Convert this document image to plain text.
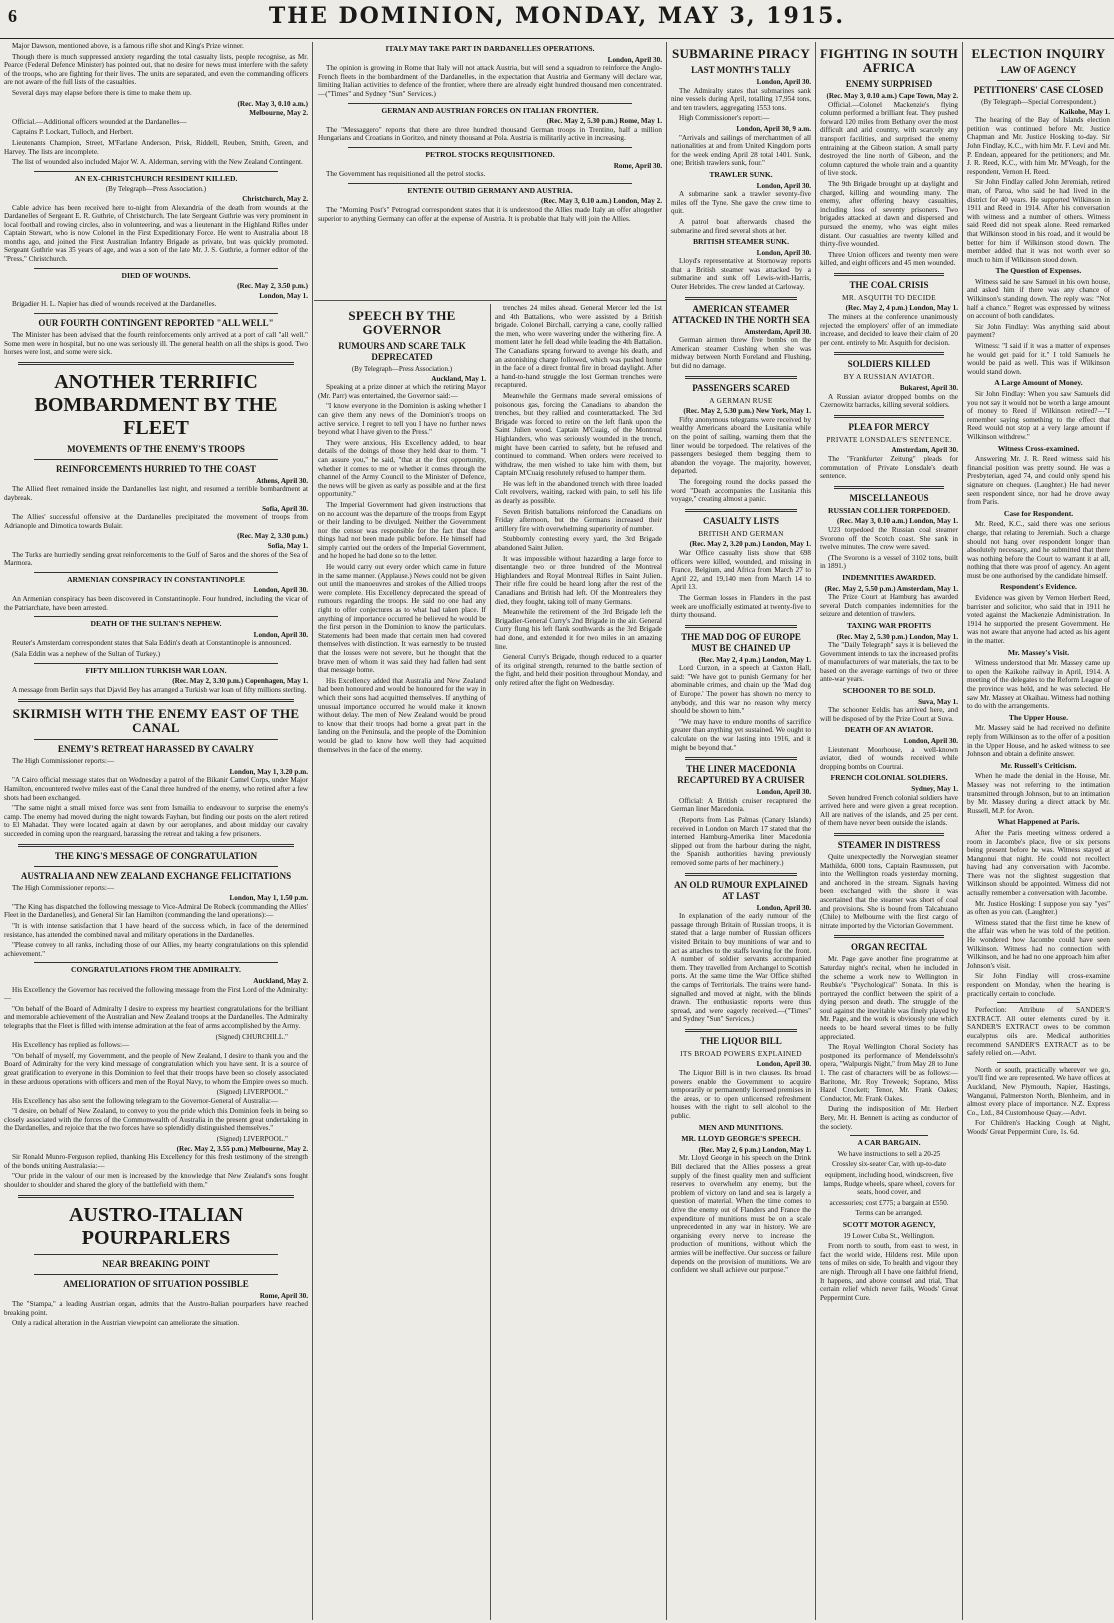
6	THE DOMINION, MONDAY, MAY 3, 1915.

Major Dawson, mentioned above, is a famous rifle shot and King's Prize winner.

Though there is much suppressed anxiety regarding the total casualty lists, people recognise, as Mr. Pearce (Federal Defence Minister) has pointed out, that no desire for news must interfere with the safety of the troops, who are fighting for their lives. The units are separated, and even the commanding officers are not aware of the full lists of the casualties.

Several days may elapse before there is time to make them up.

(Rec. May 3, 0.10 a.m.)
Melbourne, May 2.

Official.—Additional officers wounded at the Dardanelles—

Captains P. Lockart, Tulloch, and Herbert.

Lieutenants Champion, Street, M'Farlane Anderson, Prisk, Riddell, Reuben, Smith, Green, and Harvey. The lists are incomplete.

The list of wounded also included Major W. A. Alderman, serving with the New Zealand Contingent.

AN EX-CHRISTCHURCH RESIDENT KILLED.
(By Telegraph—Press Association.)
Christchurch, May 2.

Cable advice has been received here to-night from Alexandria of the death from wounds at the Dardanelles of Sergeant E. R. Guthrie, of Christchurch. The late Sergeant Guthrie was very prominent in local football and rowing circles, also in volunteering, and was a lieutenant in the Highland Rifles under Captain Stewart, who is now Colonel in the First Expeditionary Force. He went to Australia about 18 months ago, and joined the First Australian Infantry Brigade as private, but was quickly promoted. Sergeant Guthrie was 35 years of age, and was a son of the late Mr. J. S. Guthrie, a former editor of the "Press," Christchurch.

DIED OF WOUNDS.
(Rec. May 2, 3.50 p.m.)
London, May 1.

Brigadier H. L. Napier has died of wounds received at the Dardanelles.

OUR FOURTH CONTINGENT REPORTED "ALL WELL"

The Minister has been advised that the fourth reinforcements only arrived at a port of call "all well." Some men were in hospital, but no one was seriously ill. The general health on all the ships is good. Two horses were lost, and some were sick.

ANOTHER TERRIFIC BOMBARDMENT BY THE FLEET
MOVEMENTS OF THE ENEMY'S TROOPS
REINFORCEMENTS HURRIED TO THE COAST
Athens, April 30.

The Allied fleet remained inside the Dardanelles last night, and resumed a terrible bombardment at daybreak.

Sofia, April 30.

The Allies' successful offensive at the Dardanelles precipitated the movement of troops from Adrianople and Dimotica towards Bulair.

(Rec. May 2, 3.30 p.m.)
Sofia, May 1.

The Turks are hurriedly sending great reinforcements to the Gulf of Saros and the shores of the Sea of Marmora.

ARMENIAN CONSPIRACY IN CONSTANTINOPLE
London, April 30.

An Armenian conspiracy has been discovered in Constantinople. Four hundred, including the vicar of the Patriarchate, have been arrested.

DEATH OF THE SULTAN'S NEPHEW.
London, April 30.

Reuter's Amsterdam correspondent states that Sala Eddin's death at Constantinople is announced.

(Sala Eddin was a nephew of the Sultan of Turkey.)

FIFTY MILLION TURKISH WAR LOAN.
(Rec. May 2, 3.30 p.m.) Copenhagen, May 1.

A message from Berlin says that Djavid Bey has arranged a Turkish war loan of fifty millions sterling.

SKIRMISH WITH THE ENEMY EAST OF THE CANAL
ENEMY'S RETREAT HARASSED BY CAVALRY

The High Commissioner reports:—

London, May 1, 3.20 p.m.

"A Cairo official message states that on Wednesday a patrol of the Bikanir Camel Corps, under Major Hamilton, encountered twelve miles east of the Canal three hundred of the enemy, who retired after a few shots had been exchanged.

"The same night a small mixed force was sent from Ismailia to endeavour to surprise the enemy's camp. The enemy had moved during the night towards Fayhan, but finding our posts on the alert retired to El Mahadat. They were located again at dawn by our aeroplanes, and about midday our cavalry succeeded in coming upon the rearguard, harassing the retreat and taking a few prisoners.

THE KING'S MESSAGE OF CONGRATULATION
AUSTRALIA AND NEW ZEALAND EXCHANGE FELICITATIONS

The High Commissioner reports:—

London, May 1, 1.50 p.m.

"The King has dispatched the following message to Vice-Admiral De Robeck (commanding the Allies' Fleet in the Dardanelles), and General Sir Ian Hamilton (commanding the land operations):—

"It is with intense satisfaction that I have heard of the success which, in face of the determined resistance, has attended the combined naval and military operations in the Dardanelles.

"Please convey to all ranks, including those of our Allies, my hearty congratulations on this splendid achievement."

CONGRATULATIONS FROM THE ADMIRALTY.
Auckland, May 2.

His Excellency the Governor has received the following message from the First Lord of the Admiralty:—

"On behalf of the Board of Admiralty I desire to express my heartiest congratulations for the brilliant and memorable achievement of the Australian and New Zealand troops at the Dardanelles. The Admiralty telegraphs that the Fleet is filled with intense admiration at the feat of arms accomplished by the Army.

(Signed) CHURCHILL."

His Excellency has replied as follows:—

"On behalf of myself, my Government, and the people of New Zealand, I desire to thank you and the Board of Admiralty for the very kind message of congratulation which you have sent. It is a source of great gratification to everyone in this Dominion to feel that their troops have been so closely associated in these arduous operations with officers and men of the Royal Navy, to whom the Empire owes so much.

(Signed) LIVERPOOL."

His Excellency has also sent the following telegram to the Governor-General of Australia:—

"I desire, on behalf of New Zealand, to convey to you the pride which this Dominion feels in being so closely associated with the forces of the Commonwealth of Australia in the present great undertaking in the Dardanelles, and rejoice that the two forces have so splendidly distinguished themselves."

(Signed) LIVERPOOL."
(Rec. May 2, 3.55 p.m.) Melbourne, May 2.

Sir Ronald Munro-Ferguson replied, thanking His Excellency for this fresh testimony of the strength of the bonds uniting Australasia:—

"Our pride in the valour of our men is increased by the knowledge that New Zealand's sons fought shoulder to shoulder and shared the glory of the battlefield with them."

AUSTRO-ITALIAN POURPARLERS
NEAR BREAKING POINT
AMELIORATION OF SITUATION POSSIBLE
Rome, April 30.

The "Stampa," a leading Austrian organ, admits that the Austro-Italian pourparlers have reached breaking point.

Only a radical alteration in the Austrian viewpoint can ameliorate the situation.

ITALY MAY TAKE PART IN DARDANELLES OPERATIONS.
London, April 30.

The opinion is growing in Rome that Italy will not attack Austria, but will send a squadron to reinforce the Anglo-French fleets in the bombardment of the Dardanelles, in the expectation that Austria and Germany will declare war, limiting Italian activities to defence of the frontier, where there are already eight hundred thousand men concentrated.—("Times" and Sydney "Sun" Services.)

GERMAN AND AUSTRIAN FORCES ON ITALIAN FRONTIER.
(Rec. May 2, 5.30 p.m.) Rome, May 1.

The "Messaggero" reports that there are three hundred thousand German troops in Trentino, half a million Hungarians and Croatians in Goritzo, and ninety thousand at Pola. Austria is militarily active in increasing.

PETROL STOCKS REQUISITIONED.
Rome, April 30.

The Government has requisitioned all the petrol stocks.

ENTENTE OUTBID GERMANY AND AUSTRIA.
(Rec. May 3, 0.10 a.m.) London, May 2.

The "Morning Post's" Petrograd correspondent states that it is understood the Allies made Italy an offer altogether superior to anything Germany can offer at the expense of Austria. It is probable that Italy will join the Allies.

SPEECH BY THE GOVERNOR
RUMOURS AND SCARE TALK DEPRECATED
(By Telegraph—Press Association.)
Auckland, May 1.

Speaking at a prize dinner at which the retiring Mayor (Mr. Parr) was entertained, the Governor said:—

"I know everyone in the Dominion is asking whether I can give them any news of the Dominion's troops on active service. I regret to tell you I have no further news beyond what I have given to the Press."

They were anxious, His Excellency added, to hear details of the doings of those they held dear to them. "I can assure you," he said, "that at the first opportunity, whether it comes to me or whether it comes through the channel of the Army Council to the Minister of Defence, the news will be given as early as possible and at the first opportunity."

The Imperial Government had given instructions that on no account was the departure of the troops from Egypt or their landing to be divulged. Neither the Government nor the censor was responsible for the fact that these things had not been made public before. He himself had simply carried out the orders of the Imperial Government, and he hoped he had done so to the letter.

He would carry out every order which came in future in the same manner. (Applause.) News could not be given out until the manoeuvres and strokes of the Allied troops were complete. His Excellency deprecated the spread of rumours regarding the troops. He said no one had any right to offer conjectures as to what had taken place. If anything of importance occurred he believed he would be the first person in the Dominion to know the particulars. Statements had been made that certain men had covered themselves with distinction. It was earnestly to be trusted that the losses were not severe, but he thought that the brave men of whom it was said they had fallen had sent that message home.

His Excellency added that Australia and New Zealand had been honoured and would be honoured for the way in which their sons had acquitted themselves. If anything of unusual importance occurred he would make it known without delay. The men of New Zealand would be proud to know that their troops had borne a great part in the landing on the Peninsula, and the people of the Dominion would be glad to know how well they had acquitted themselves in the face of the enemy.

trenches 24 miles ahead. General Mercer led the 1st and 4th Battalions, who were assisted by a British brigade. Colonel Birchall, carrying a cane, coolly rallied the men, who were wavering under the withering fire. A moment later he fell dead while leading the 4th Battalion. The Canadians sprang forward to avenge his death, and an astonishing charge followed, which was pushed home in the face of a direct frontal fire in broad daylight. After a hand-to-hand struggle the lost German trenches were recaptured.

Meanwhile the Germans made several emissions of poisonous gas, forcing the Canadians to abandon the trenches, but they rallied and counterattacked. The 3rd Brigade was forced to retire on the left flank upon the Saint Julien wood. Captain M'Cuaig, of the Montreal Highlanders, who was seriously wounded in the trench, might have been carried to safety, but he refused and continued to command. When orders were received to withdraw, the men wished to take him with them, but Captain M'Cuaig resolutely refused to hamper them.

He was left in the abandoned trench with three loaded Colt revolvers, waiting, racked with pain, to sell his life as dearly as possible.

Seven British battalions reinforced the Canadians on Friday afternoon, but the Germans increased their artillery fire with overwhelming superiority of number.

Stubbornly contesting every yard, the 3rd Brigade abandoned Saint Julien.

It was impossible without hazarding a large force to disentangle two or three hundred of the Montreal Highlanders and Royal Montreal Rifles in Saint Julien. Their rifle fire could be heard long after the rest of the Canadians and British had left. Of the Montrealers they died, they fought, taking toll of many Germans.

Meanwhile the retirement of the 3rd Brigade left the Brigadier-General Curry's 2nd Brigade in the air. General Curry flung his left flank southwards as the 3rd Brigade had done, and extended it for two miles in an amazing line.

General Curry's Brigade, though reduced to a quarter of its original strength, returned to the battle section of the fight, and held their position throughout Monday, and only retired after the fight on Wednesday.

SUBMARINE PIRACY
LAST MONTH'S TALLY
London, April 30.

The Admiralty states that submarines sank nine vessels during April, totalling 17,954 tons, and ten trawlers, aggregating 1553 tons.

High Commissioner's report:—

London, April 30, 9 a.m.

"Arrivals and sailings of merchantmen of all nationalities at and from United Kingdom ports for the week ending April 28 total 1401. Sunk, one; British trawlers sunk, four."

TRAWLER SUNK.
London, April 30.

A submarine sank a trawler seventy-five miles off the Tyne. She gave the crew time to quit.

A patrol boat afterwards chased the submarine and fired several shots at her.

BRITISH STEAMER SUNK.
London, April 30.

Lloyd's representative at Stornoway reports that a British steamer was attacked by a submarine and sunk off Lewis-with-Harris, Outer Hebrides. The crew landed at Carloway.

AMERICAN STEAMER ATTACKED IN THE NORTH SEA
Amsterdam, April 30.

German airmen threw five bombs on the American steamer Cushing when she was midway between North Foreland and Flushing, but did no damage.

PASSENGERS SCARED
A GERMAN RUSE
(Rec. May 2, 5.30 p.m.) New York, May 1.

Fifty anonymous telegrams were received by wealthy Americans aboard the Lusitania while on the point of sailing, warning them that the liner would be torpedoed. The relatives of the passengers besieged them begging them to abandon the voyage. The majority, however, departed.

The foregoing round the docks passed the word "Death accompanies the Lusitania this voyage," creating almost a panic.

CASUALTY LISTS
BRITISH AND GERMAN
(Rec. May 2, 3.20 p.m.) London, May 1.

War Office casualty lists show that 698 officers were killed, wounded, and missing in France, Belgium, and Africa from March 27 to April 22, and 19,140 men from March 14 to April 13.

The German losses in Flanders in the past week are unofficially estimated at twenty-five to thirty thousand.

THE MAD DOG OF EUROPE MUST BE CHAINED UP
(Rec. May 2, 4 p.m.) London, May 1.

Lord Curzon, in a speech at Caxton Hall, said: "We have got to punish Germany for her abominable crimes, and chain up the 'Mad dog of Europe.' The power has shown no mercy to anybody, and this war no reason why mercy should be shown to him."

"We may have to endure months of sacrifice greater than anything yet sustained. We ought to calculate on the war lasting into 1916, and it might be beyond that."

THE LINER MACEDONIA RECAPTURED BY A CRUISER
London, April 30.

Official: A British cruiser recaptured the German liner Macedonia.

(Reports from Las Palmas (Canary Islands) received in London on March 17 stated that the interned Hamburg-Amerika liner Macedonia slipped out from the harbour during the night, the Spanish authorities having previously removed some parts of her machinery.)

AN OLD RUMOUR EXPLAINED AT LAST
London, April 30.

In explanation of the early rumour of the passage through Britain of Russian troops, it is stated that a large number of Russian officers visited Britain to buy munitions of war and to act as attaches to the staffs leaving for the front. A number of soldier servants accompanied them. They travelled from Archangel to Scottish ports. At the same time the War Office shifted the camps of Territorials. The trains were hand-signalled and moved at night, with the blinds drawn. The enthusiastic reports were thus spread, and were eagerly received.—("Times" and Sydney "Sun" Services.)

THE LIQUOR BILL
ITS BROAD POWERS EXPLAINED
London, April 30.

The Liquor Bill is in two clauses. Its broad powers enable the Government to acquire temporarily or permanently licensed premises in the areas, or to open unlicensed refreshment houses with the right to sell alcohol to the public.

MEN AND MUNITIONS.
MR. LLOYD GEORGE'S SPEECH.
(Rec. May 2, 6 p.m.) London, May 1.

Mr. Lloyd George in his speech on the Drink Bill declared that the Allies possess a great supply of the finest quality men and sufficient reserves to overwhelm any enemy, but the problem of victory on land and sea is largely a question of material. When the time comes to drive the enemy out of Flanders and France the expenditure of munitions must be on a scale unprecedented in any war in history. We are organising every nerve to increase the production of munitions, without which the armies will be ineffective. Our success or failure depends on the provision of munitions. We are confident we shall achieve our purpose."

FIGHTING IN SOUTH AFRICA
ENEMY SURPRISED
(Rec. May 3, 0.10 a.m.) Cape Town, May 2.

Official.—Colonel Mackenzie's flying column performed a brilliant feat. They pushed forward 120 miles from Bethany over the most difficult and arid country, with scarcely any transport facilities, and surprised the enemy entraining at the Gibeon station. A small party destroyed the line north of Gibeon, and the column captured the whole train and a quantity of live stock.

The 9th Brigade brought up at daylight and charged, killing and wounding many. The enemy, after offering heavy casualties, including loss of seventy prisoners. Two brigades attacked at dawn and dispersed and pursued the enemy, who was eight miles distant. Our casualties are twenty killed and thirty-five wounded.

Three Union officers and twenty men were killed, and eight officers and 45 men wounded.

THE COAL CRISIS
MR. ASQUITH TO DECIDE
(Rec. May 2, 4 p.m.) London, May 1.

The miners at the conference unanimously rejected the employers' offer of an immediate increase, and decided to leave their claim of 20 per cent. entirely to Mr. Asquith for decision.

SOLDIERS KILLED
BY A RUSSIAN AVIATOR.
Bukarest, April 30.

A Russian aviator dropped bombs on the Czernowitz barracks, killing several soldiers.

PLEA FOR MERCY
PRIVATE LONSDALE'S SENTENCE.
Amsterdam, April 30.

The "Frankfurter Zeitung" pleads for commutation of Private Lonsdale's death sentence.

MISCELLANEOUS
RUSSIAN COLLIER TORPEDOED.
(Rec. May 3, 0.10 a.m.) London, May 1.

U23 torpedoed the Russian coal steamer Svorono off the Scotch coast. She sank in twelve minutes. The crew were saved.

(The Svorono is a vessel of 3102 tons, built in 1891.)

INDEMNITIES AWARDED.
(Rec. May 2, 5.50 p.m.) Amsterdam, May 1.

The Prize Court at Hamburg has awarded several Dutch companies indemnities for the seizure and detention of trawlers.

TAXING WAR PROFITS
(Rec. May 2, 5.30 p.m.) London, May 1.

The "Daily Telegraph" says it is believed the Government intends to tax the increased profits of manufacturers of war materials, the tax to be based on the average earnings of two or three ante-war years.

SCHOONER TO BE SOLD.
Suva, May 1.

The schooner Eeldis has arrived here, and will be disposed of by the Prize Court at Suva.

DEATH OF AN AVIATOR.
London, April 30.

Lieutenant Moorhouse, a well-known aviator, died of wounds received while dropping bombs on Courtrai.

FRENCH COLONIAL SOLDIERS.
Sydney, May 1.

Seven hundred French colonial soldiers have arrived here and were given a great reception. All are natives of the islands, and 25 per cent. of them have never been outside the islands.

STEAMER IN DISTRESS

Quite unexpectedly the Norwegian steamer Mathilda, 6000 tons, Captain Rasmussen, put into the Wellington roads yesterday morning, and anchored in the stream. Signals having been exchanged with the shore it was ascertained that the steamer was short of coal and provisions. She is bound from Talcahuano (Chile) to Melbourne with the first cargo of nitrate imported by the Victorian Government.

ORGAN RECITAL

Mr. Page gave another fine programme at Saturday night's recital, when he included in the scheme a work new to Wellington in Reubke's "Psychological" Sonata. In this is portrayed the conflict between the spirit of a dying person and death. The struggle of the soul against the inevitable was finely played by Mr. Page, and the work is obviously one which needs to be heard several times to be fully appreciated.

The Royal Wellington Choral Society has postponed its performance of Mendelssohn's opera, "Walpurgis Night," from May 28 to June 1. The cast of characters will be as follows:—Baritone, Mr. Roy Treweek; Soprano, Miss Hazel Crockett; Tenor, Mr. Frank Oakes; Conductor, Mr. Frank Oakes.

During the indisposition of Mr. Herbert Bery, Mr. H. Bennett is acting as conductor of the society.

A CAR BARGAIN.
We have instructions to sell a 20-25
Crossley six-seater Car, with up-to-date
equipment, including hood, windscreen, five lamps, Rudge wheels, spare wheel, covers for seats, hood cover, and
accessories; cost £775; a bargain at £550.
Terms can be arranged.
SCOTT MOTOR AGENCY,
19 Lower Cuba St., Wellington.

From north to south, from east to west, in fact the world wide, Hildens rest. Mile upon tens of miles on side, To health and vigour they are nigh. Through all I have one faithful friend, It happens, and above counsel and trial, That certain relief which never fails, Woods' Great Peppermint Cure.

ELECTION INQUIRY
LAW OF AGENCY
PETITIONERS' CASE CLOSED
(By Telegraph—Special Correspondent.)
Kaikohe, May 1.

The hearing of the Bay of Islands election petition was continued before Mr. Justice Chapman and Mr. Justice Hosking to-day. Sir John Findlay, K.C., with him Mr. F. Levi and Mr. P. Endean, appeared for the petitioners; and Mr. J. R. Reed, K.C., with him Mr. M'Veagh, for the respondent, Vernon H. Reed.

Sir John Findlay called John Jeremiah, retired man, of Paroa, who said he had lived in the district for 40 years. He supported Wilkinson in 1911 and Reed in 1914. After his conversation with witness and a number of others. Witness said Reed did not speak alone. Reed remarked that Wilkinson stood in his road, and it would be better for him if Wilkinson stood down. The member added that it was not worth ever so much to him if Wilkinson stood down.

The Question of Expenses.

Witness said he saw Samuel in his own house, and asked him if there was any chance of Wilkinson's standing down. The reply was: "Not half a chance." Regret was expressed by witness on account of both candidates.

Sir John Findlay: Was anything said about payment?

Witness: "I said if it was a matter of expenses he would get paid for it." I told Samuels he would be paid as well. This was if Wilkinson would stand down.

A Large Amount of Money.

Sir John Findlay: When you saw Samuels did you not say it would not be worth a large amount of money to Reed if Wilkinson retired?—"I remember saying something to the effect that Reed would not stop at a very large amount if Wilkinson withdrew."

Witness Cross-examined.

Answering Mr. J. R. Reed witness said his financial position was pretty sound. He was a Presbyterian, aged 74, and could only spend his signature on cheques. (Laughter.) He had never seen respondent since, nor had he drove away from Paris.

Case for Respondent.

Mr. Reed, K.C., said there was one serious charge, that relating to Jeremiah. Such a charge should not hang over respondent longer than absolutely necessary, and he submitted that there was nothing before the Court to warrant it at all, nothing that there was proof of agency. An agent must be one authorised by the candidate himself.

Respondent's Evidence.

Evidence was given by Vernon Herbert Reed, barrister and solicitor, who said that in 1911 he voted against the Mackenzie Administration. In 1914 he supported the present Government. He was not aware that anyone had acted as his agent in the matter.

Mr. Massey's Visit.

Witness understood that Mr. Massey came up to open the Kaikohe railway in April, 1914. A meeting of the delegates to the Reform League of the province was held, and he was selected. He saw Mr. Massey at Okaihau. Witness had nothing to do with the arrangements.

The Upper House.

Mr. Massey said he had received no definite reply from Wilkinson as to the offer of a position in the Upper House, and he asked witness to see Johnson and obtain a definite answer.

Mr. Russell's Criticism.

When he made the denial in the House, Mr. Massey was not referring to the intimation transmitted through Johnson, but to an intimation by Mr. Massey during a direct attack by Mr. Russell, M.P. for Avon.

What Happened at Paris.

After the Paris meeting witness ordered a room in Jacombe's place, five or six persons being present before he was. Witness stayed at Mangonui that night. He could not recollect having had any conversation with Jacombe. There was not the slightest suggestion that Wilkinson should be appointed. Witness did not actually remember a conversation with Jacombe.

Mr. Justice Hosking: I suppose you say "yes" as often as you can. (Laughter.)

Witness stated that the first time he knew of the affair was when he was told of the petition. He wondered how Jacombe could have seen Wilkinson. Witness had no connection with Wilkinson, and he had no one approach him after Johnson's visit.

Sir John Findlay will cross-examine respondent on Monday, when the hearing is practically certain to conclude.

Perfection: Attribute of SANDER'S EXTRACT. All outer elements cured by it. SANDER'S EXTRACT owes to be common eucalyptus oils are. Medical authorities recommend SANDER'S EXTRACT as to be safely relied on.—Advt.

North or south, practically wherever we go, you'll find we are represented. We have offices at Auckland, New Plymouth, Napier, Hastings, Wanganui, Palmerston North, Blenheim, and in almost every place of importance. N.Z. Express Co., Ltd., 84 Customhouse Quay.—Advt.

For Children's Hacking Cough at Night, Woods' Great Peppermint Cure, 1s. 6d.
